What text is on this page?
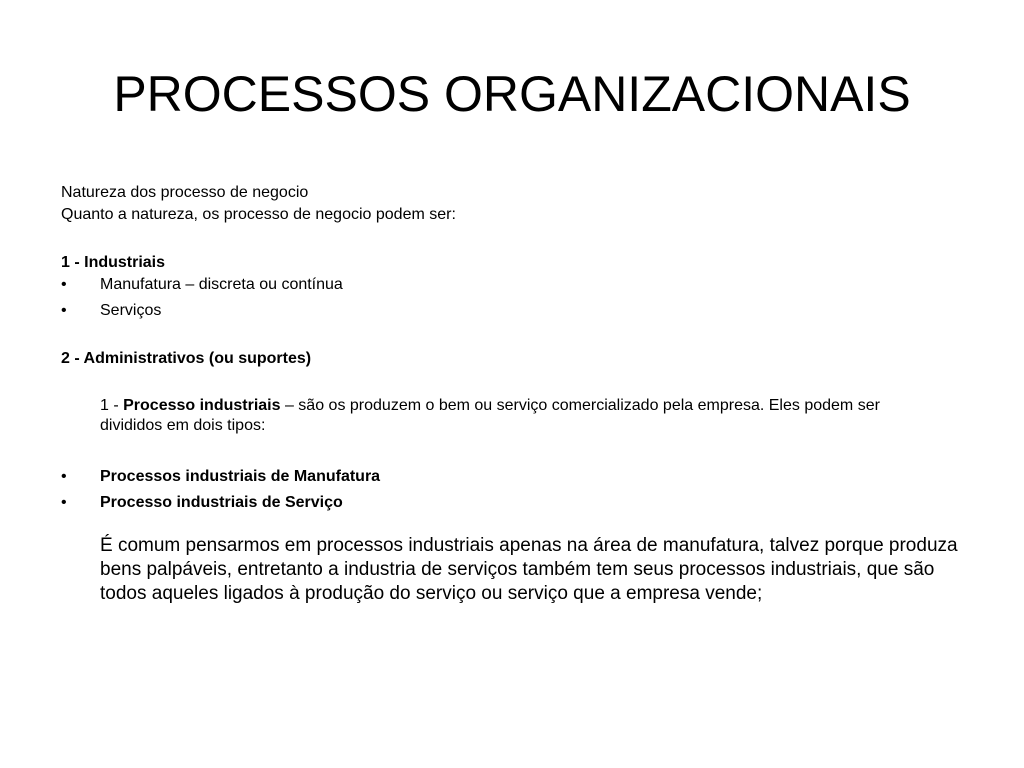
PROCESSOS ORGANIZACIONAIS

Natureza dos processo de negocio

Quanto a natureza, os processo de negocio podem ser:

1 - Industriais

• Manufatura – discreta ou contínua

• Serviços

2 - Administrativos (ou suportes)

1 - Processo industriais – são os produzem o bem ou serviço comercializado pela empresa. Eles podem ser divididos em dois tipos:

• Processos industriais de Manufatura

• Processo industriais de Serviço

É comum pensarmos em processos industriais apenas na área de manufatura, talvez porque produza bens palpáveis, entretanto a industria de serviços também tem seus processos industriais, que são todos aqueles ligados à produção do serviço ou serviço que a empresa vende;
